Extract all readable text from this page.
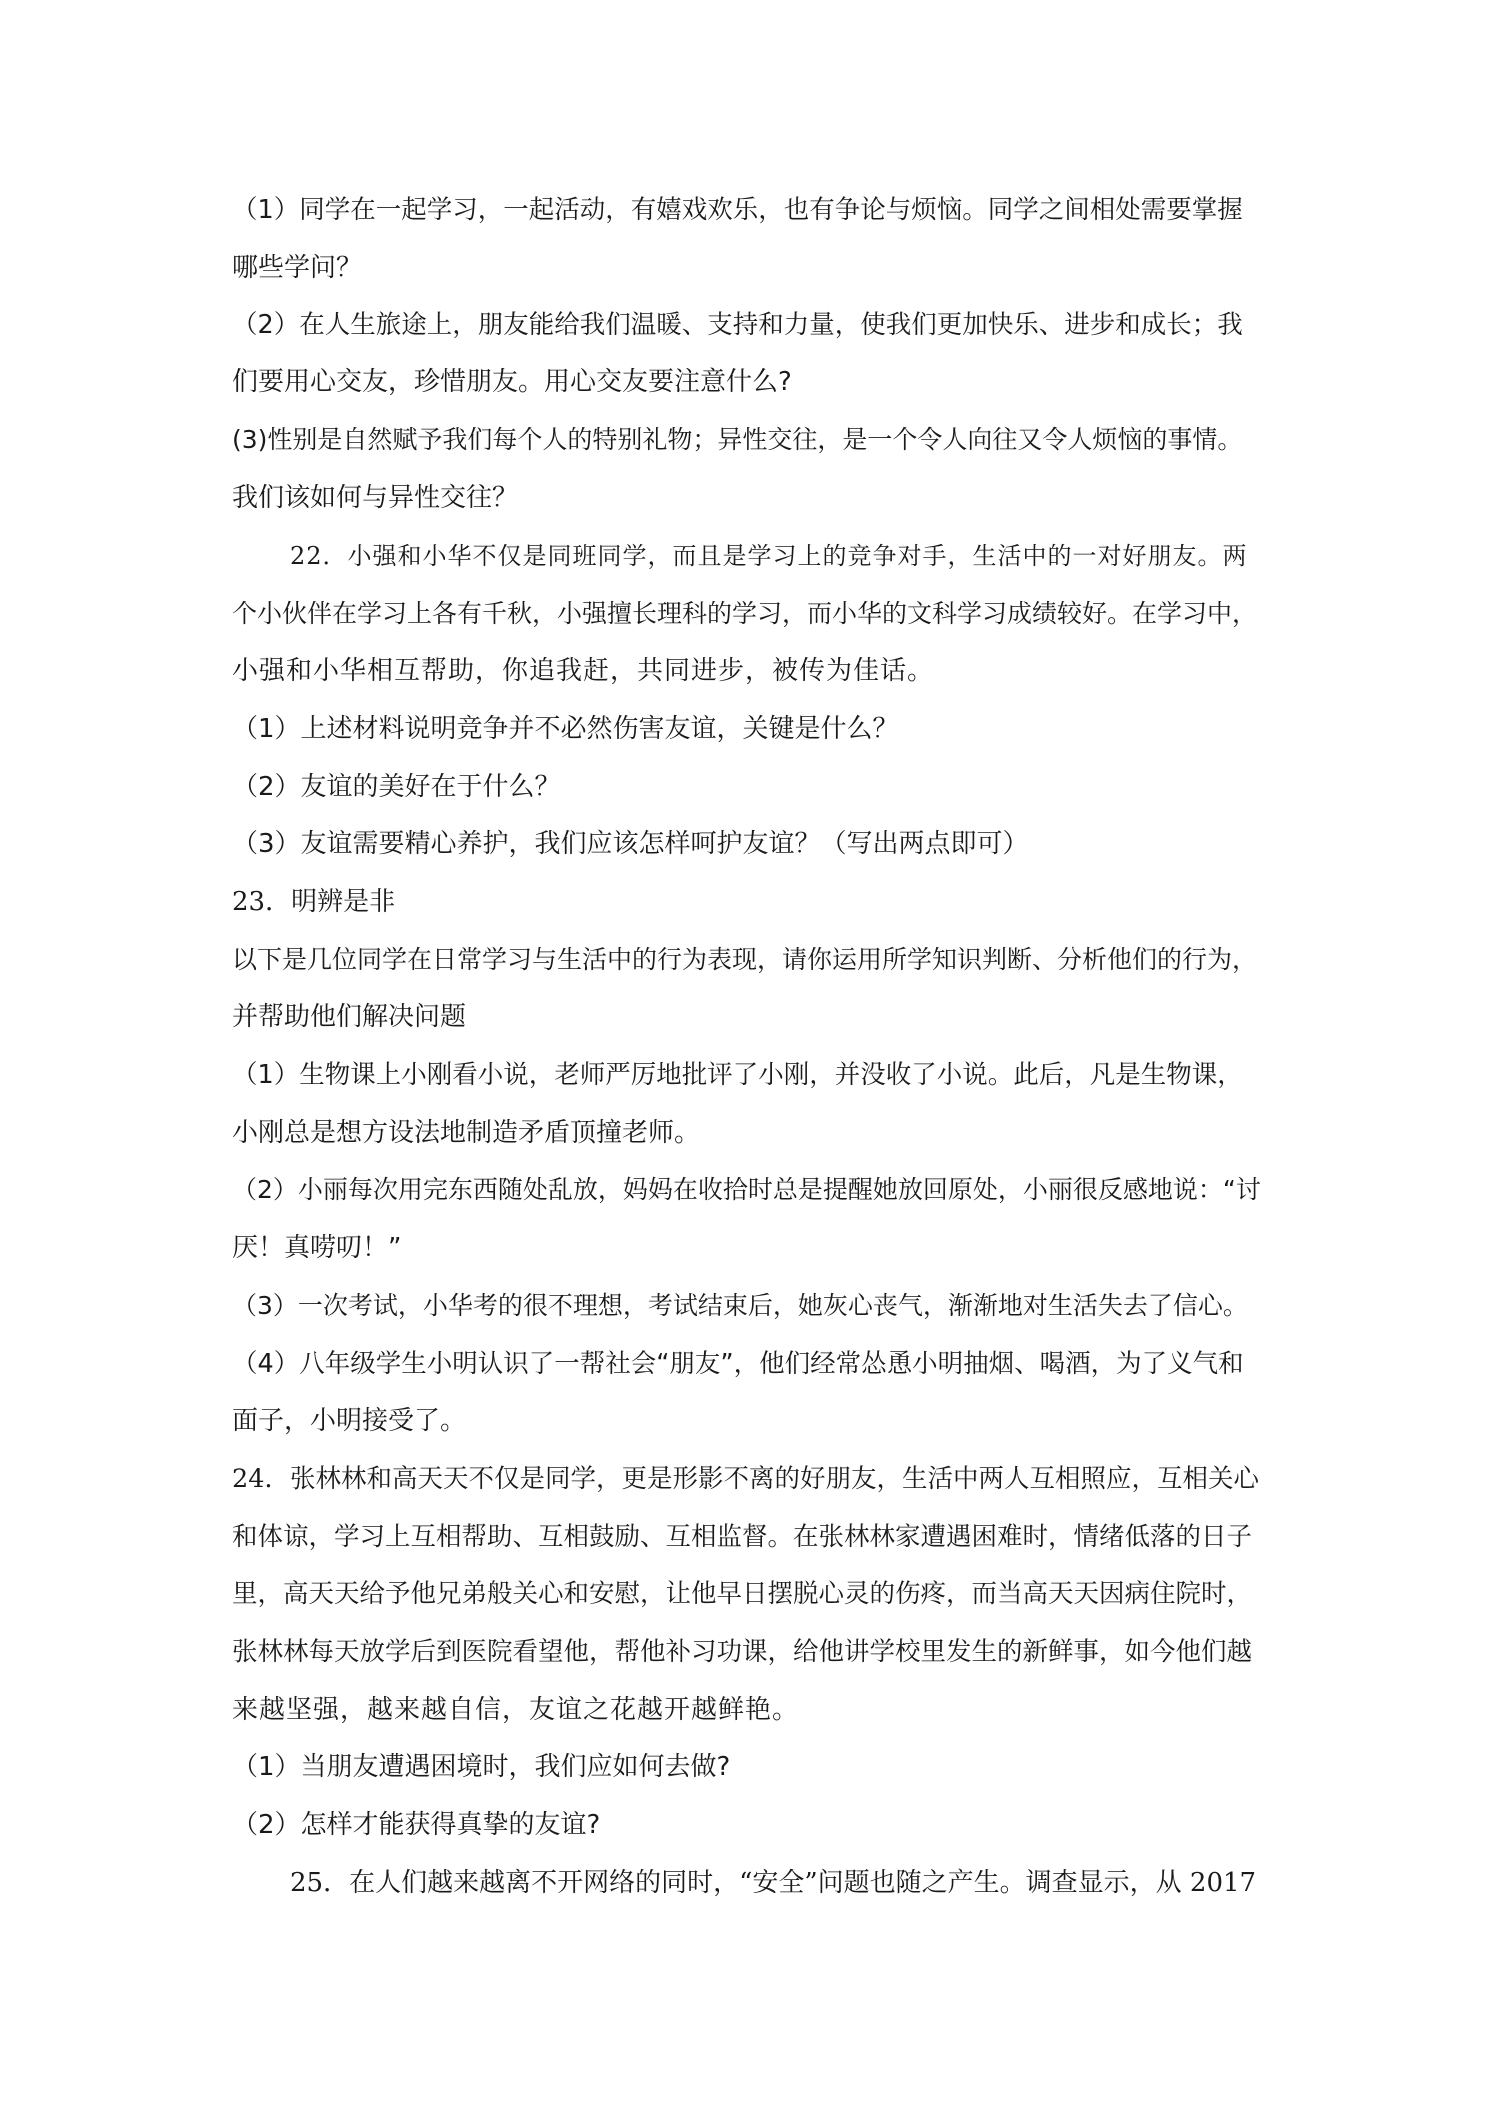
（1）同学在一起学习，一起活动，有嬉戏欢乐，也有争论与烦恼。同学之间相处需要掌握
哪些学问？
（2）在人生旅途上，朋友能给我们温暖、支持和力量，使我们更加快乐、进步和成长；我
们要用心交友，珍惜朋友。用心交友要注意什么?
(3)性别是自然赋予我们每个人的特别礼物；异性交往，是一个令人向往又令人烦恼的事情。
我们该如何与异性交往？
22．小强和小华不仅是同班同学，而且是学习上的竞争对手，生活中的一对好朋友。两
个小伙伴在学习上各有千秋，小强擅长理科的学习，而小华的文科学习成绩较好。在学习中，
小强和小华相互帮助，你追我赶，共同进步，被传为佳话。
（1）上述材料说明竞争并不必然伤害友谊，关键是什么？
（2）友谊的美好在于什么？
（3）友谊需要精心养护，我们应该怎样呵护友谊？（写出两点即可）
23．明辨是非
以下是几位同学在日常学习与生活中的行为表现，请你运用所学知识判断、分析他们的行为，
并帮助他们解决问题
（1）生物课上小刚看小说，老师严厉地批评了小刚，并没收了小说。此后，凡是生物课，
小刚总是想方设法地制造矛盾顶撞老师。
（2）小丽每次用完东西随处乱放，妈妈在收拾时总是提醒她放回原处，小丽很反感地说：“讨
厌！真唠叨！”
（3）一次考试，小华考的很不理想，考试结束后，她灰心丧气，渐渐地对生活失去了信心。
（4）八年级学生小明认识了一帮社会“朋友”，他们经常怂恿小明抽烟、喝酒，为了义气和
面子，小明接受了。
24．张林林和高天天不仅是同学，更是形影不离的好朋友，生活中两人互相照应，互相关心
和体谅，学习上互相帮助、互相鼓励、互相监督。在张林林家遭遇困难时，情绪低落的日子
里，高天天给予他兄弟般关心和安慰，让他早日摆脱心灵的伤疼，而当高天天因病住院时，
张林林每天放学后到医院看望他，帮他补习功课，给他讲学校里发生的新鲜事，如今他们越
来越坚强，越来越自信，友谊之花越开越鲜艳。
（1）当朋友遭遇困境时，我们应如何去做?
（2）怎样才能获得真挚的友谊?
25．在人们越来越离不开网络的同时，“安全”问题也随之产生。调查显示，从 2017
